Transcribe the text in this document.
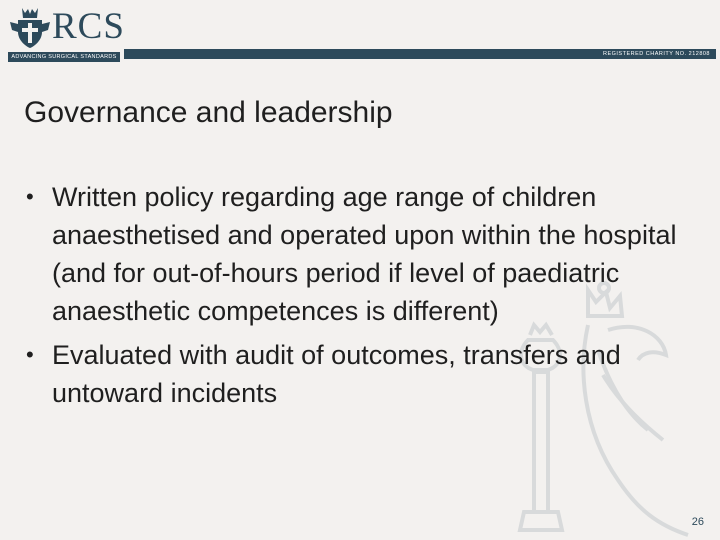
RCS
ADVANCING SURGICAL STANDARDS	REGISTERED CHARITY NO. 212808
Governance and leadership
• Written policy regarding age range of children anaesthetised and operated upon within the hospital (and for out-of-hours period if level of paediatric anaesthetic competences is different)
• Evaluated with audit of outcomes, transfers and untoward incidents
26
